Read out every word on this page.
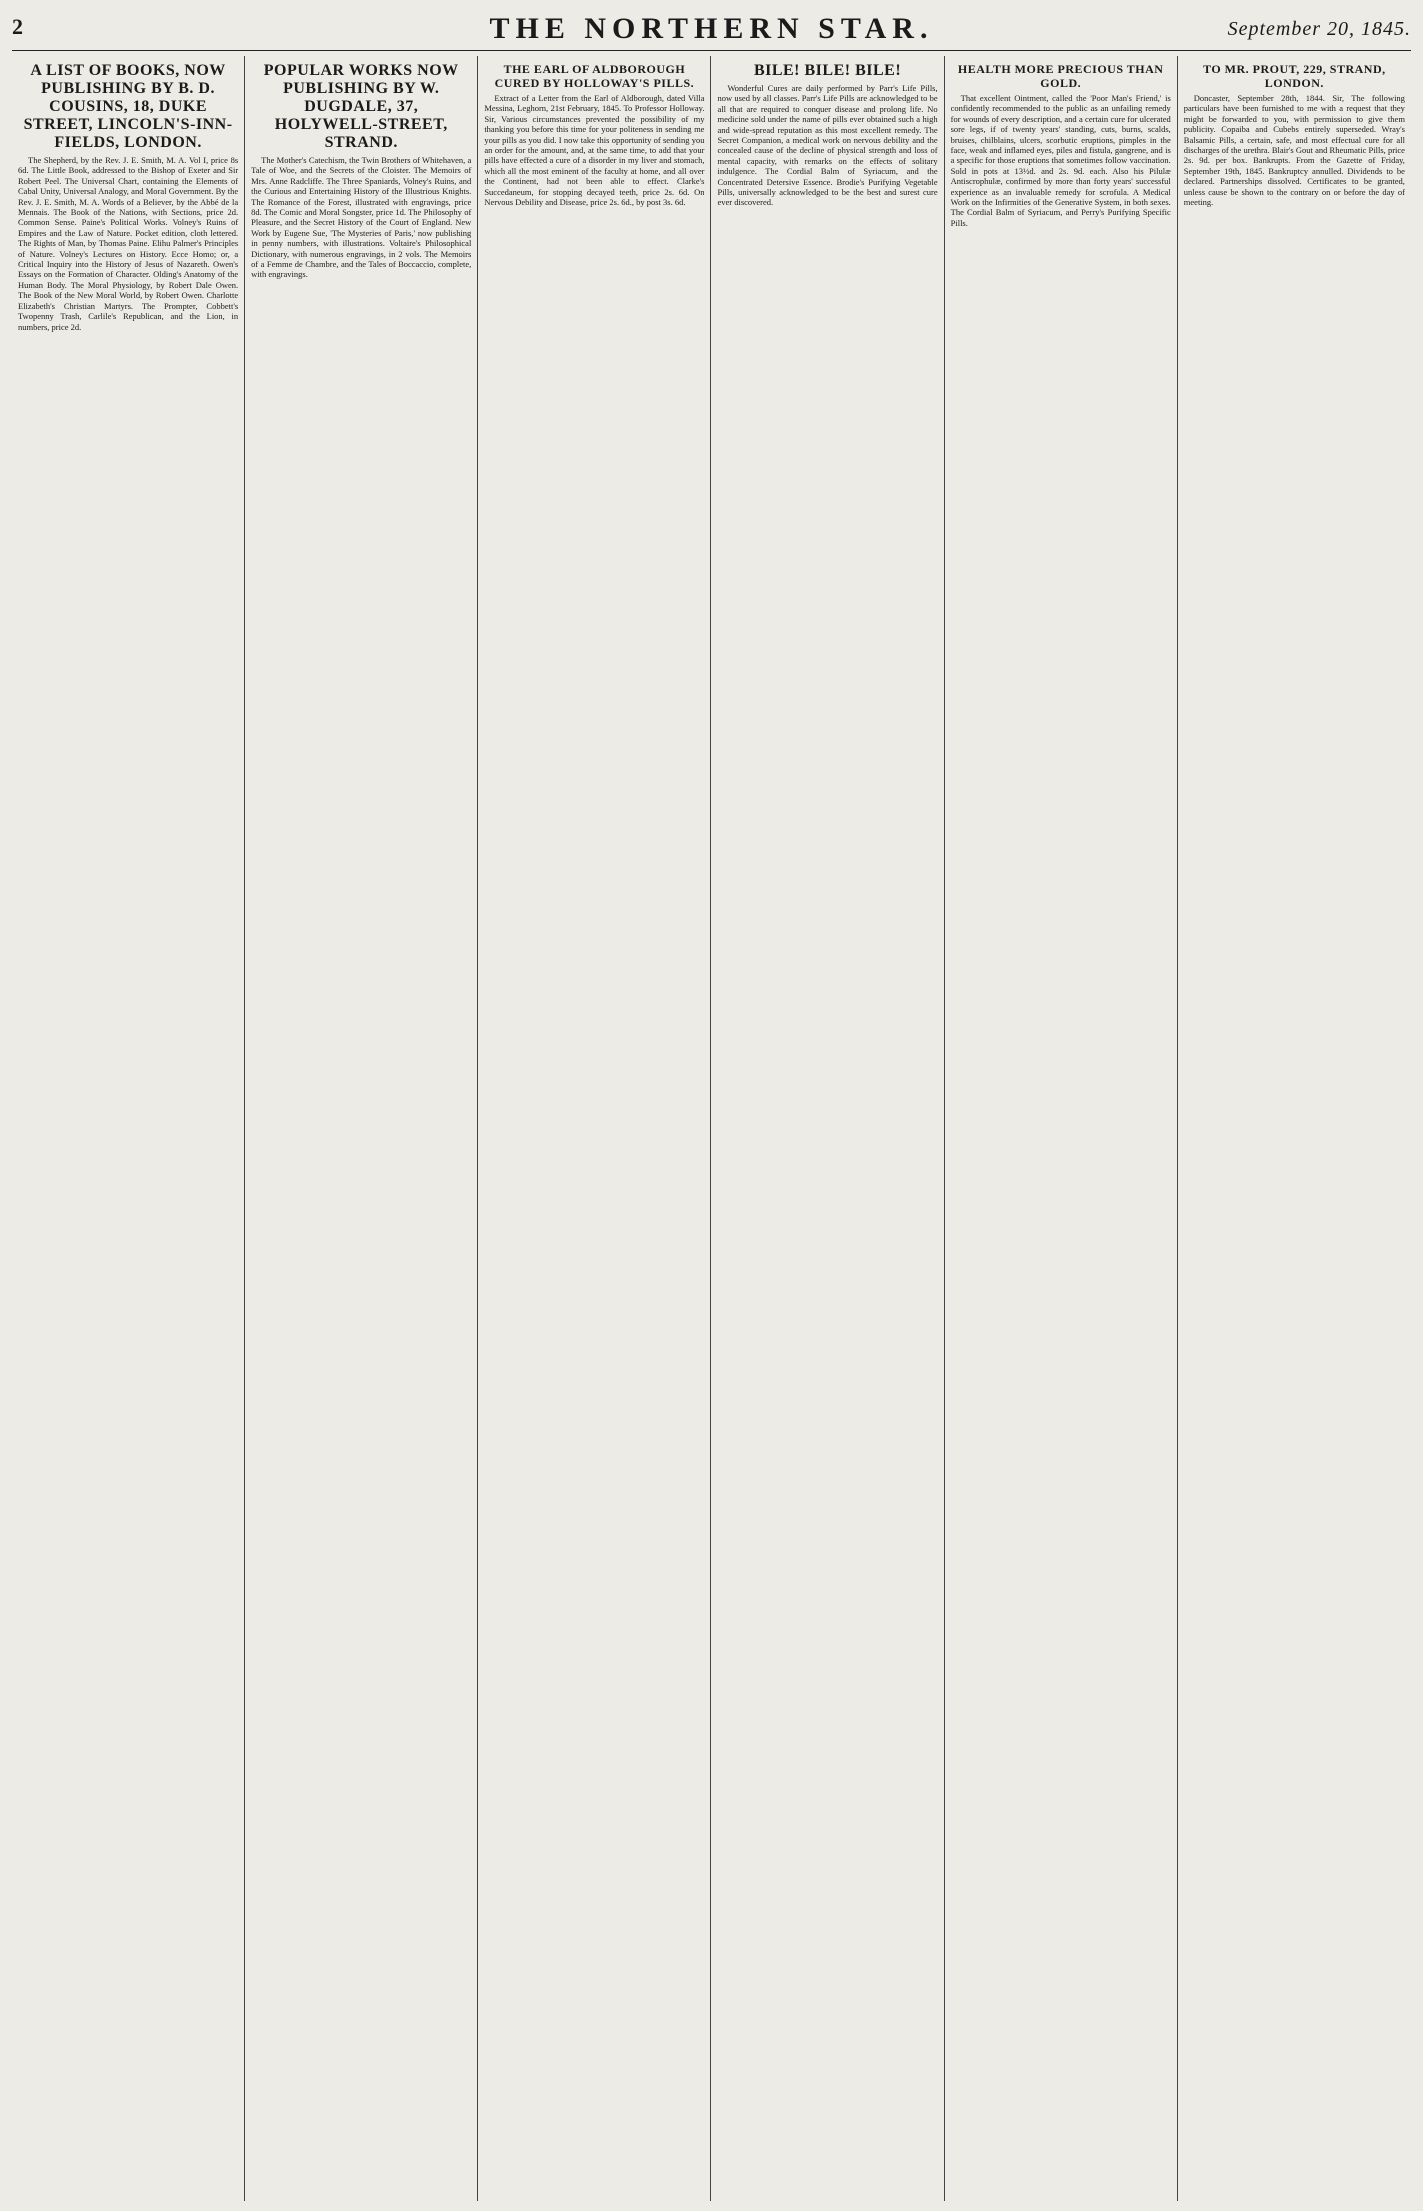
2	THE NORTHERN STAR.	September 20, 1845.
A LIST OF BOOKS, NOW PUBLISHING BY B. D. COUSINS, 18, DUKE STREET, LINCOLN'S-INN-FIELDS, LONDON.

The Shepherd, by the Rev. J. E. Smith, M. A. Vol I, price 8s 6d. The Little Book, addressed to the Bishop of Exeter and Sir Robert Peel. The Universal Chart, containing the Elements of Cabal Unity, Universal Analogy, and Moral Government. By the Rev. J. E. Smith, M. A. Words of a Believer, by the Abbé de la Mennais. The Book of the Nations, with Sections, price 2d. Common Sense. Paine's Political Works. Volney's Ruins of Empires and the Law of Nature. Pocket edition, cloth lettered. The Rights of Man, by Thomas Paine. Elihu Palmer's Principles of Nature. Volney's Lectures on History. Ecce Homo; or, a Critical Inquiry into the History of Jesus of Nazareth. Owen's Essays on the Formation of Character. Olding's Anatomy of the Human Body. The Moral Physiology, by Robert Dale Owen. The Book of the New Moral World, by Robert Owen. Charlotte Elizabeth's Christian Martyrs. The Prompter, Cobbett's Twopenny Trash, Carlile's Republican, and the Lion, in numbers, price 2d.

POPULAR WORKS NOW PUBLISHING BY W. DUGDALE, 37, HOLYWELL-STREET, STRAND.

The Mother's Catechism, the Twin Brothers of Whitehaven, a Tale of Woe, and the Secrets of the Cloister. The Memoirs of Mrs. Anne Radcliffe. The Three Spaniards, Volney's Ruins, and the Curious and Entertaining History of the Illustrious Knights. The Romance of the Forest, illustrated with engravings, price 8d. The Comic and Moral Songster, price 1d. The Philosophy of Pleasure, and the Secret History of the Court of England. New Work by Eugene Sue, 'The Mysteries of Paris,' now publishing in penny numbers, with illustrations. Voltaire's Philosophical Dictionary, with numerous engravings, in 2 vols. The Memoirs of a Femme de Chambre, and the Tales of Boccaccio, complete, with engravings.

THE EARL OF ALDBOROUGH CURED BY HOLLOWAY'S PILLS.

Extract of a Letter from the Earl of Aldborough, dated Villa Messina, Leghorn, 21st February, 1845. To Professor Holloway. Sir, Various circumstances prevented the possibility of my thanking you before this time for your politeness in sending me your pills as you did. I now take this opportunity of sending you an order for the amount, and, at the same time, to add that your pills have effected a cure of a disorder in my liver and stomach, which all the most eminent of the faculty at home, and all over the Continent, had not been able to effect. Clarke's Succedaneum, for stopping decayed teeth, price 2s. 6d. On Nervous Debility and Disease, price 2s. 6d., by post 3s. 6d.

BILE! BILE! BILE!

Wonderful Cures are daily performed by Parr's Life Pills, now used by all classes. Parr's Life Pills are acknowledged to be all that are required to conquer disease and prolong life. No medicine sold under the name of pills ever obtained such a high and wide-spread reputation as this most excellent remedy. The Secret Companion, a medical work on nervous debility and the concealed cause of the decline of physical strength and loss of mental capacity, with remarks on the effects of solitary indulgence. The Cordial Balm of Syriacum, and the Concentrated Detersive Essence. Brodie's Purifying Vegetable Pills, universally acknowledged to be the best and surest cure ever discovered.

HEALTH MORE PRECIOUS THAN GOLD.

That excellent Ointment, called the 'Poor Man's Friend,' is confidently recommended to the public as an unfailing remedy for wounds of every description, and a certain cure for ulcerated sore legs, if of twenty years' standing, cuts, burns, scalds, bruises, chilblains, ulcers, scorbutic eruptions, pimples in the face, weak and inflamed eyes, piles and fistula, gangrene, and is a specific for those eruptions that sometimes follow vaccination. Sold in pots at 13½d. and 2s. 9d. each. Also his Pilulæ Antiscrophulæ, confirmed by more than forty years' successful experience as an invaluable remedy for scrofula. A Medical Work on the Infirmities of the Generative System, in both sexes. The Cordial Balm of Syriacum, and Perry's Purifying Specific Pills.

TO MR. PROUT, 229, STRAND, LONDON.

Doncaster, September 28th, 1844. Sir, The following particulars have been furnished to me with a request that they might be forwarded to you, with permission to give them publicity. Copaiba and Cubebs entirely superseded. Wray's Balsamic Pills, a certain, safe, and most effectual cure for all discharges of the urethra. Blair's Gout and Rheumatic Pills, price 2s. 9d. per box. Bankrupts. From the Gazette of Friday, September 19th, 1845. Bankruptcy annulled. Dividends to be declared. Partnerships dissolved. Certificates to be granted, unless cause be shown to the contrary on or before the day of meeting.
